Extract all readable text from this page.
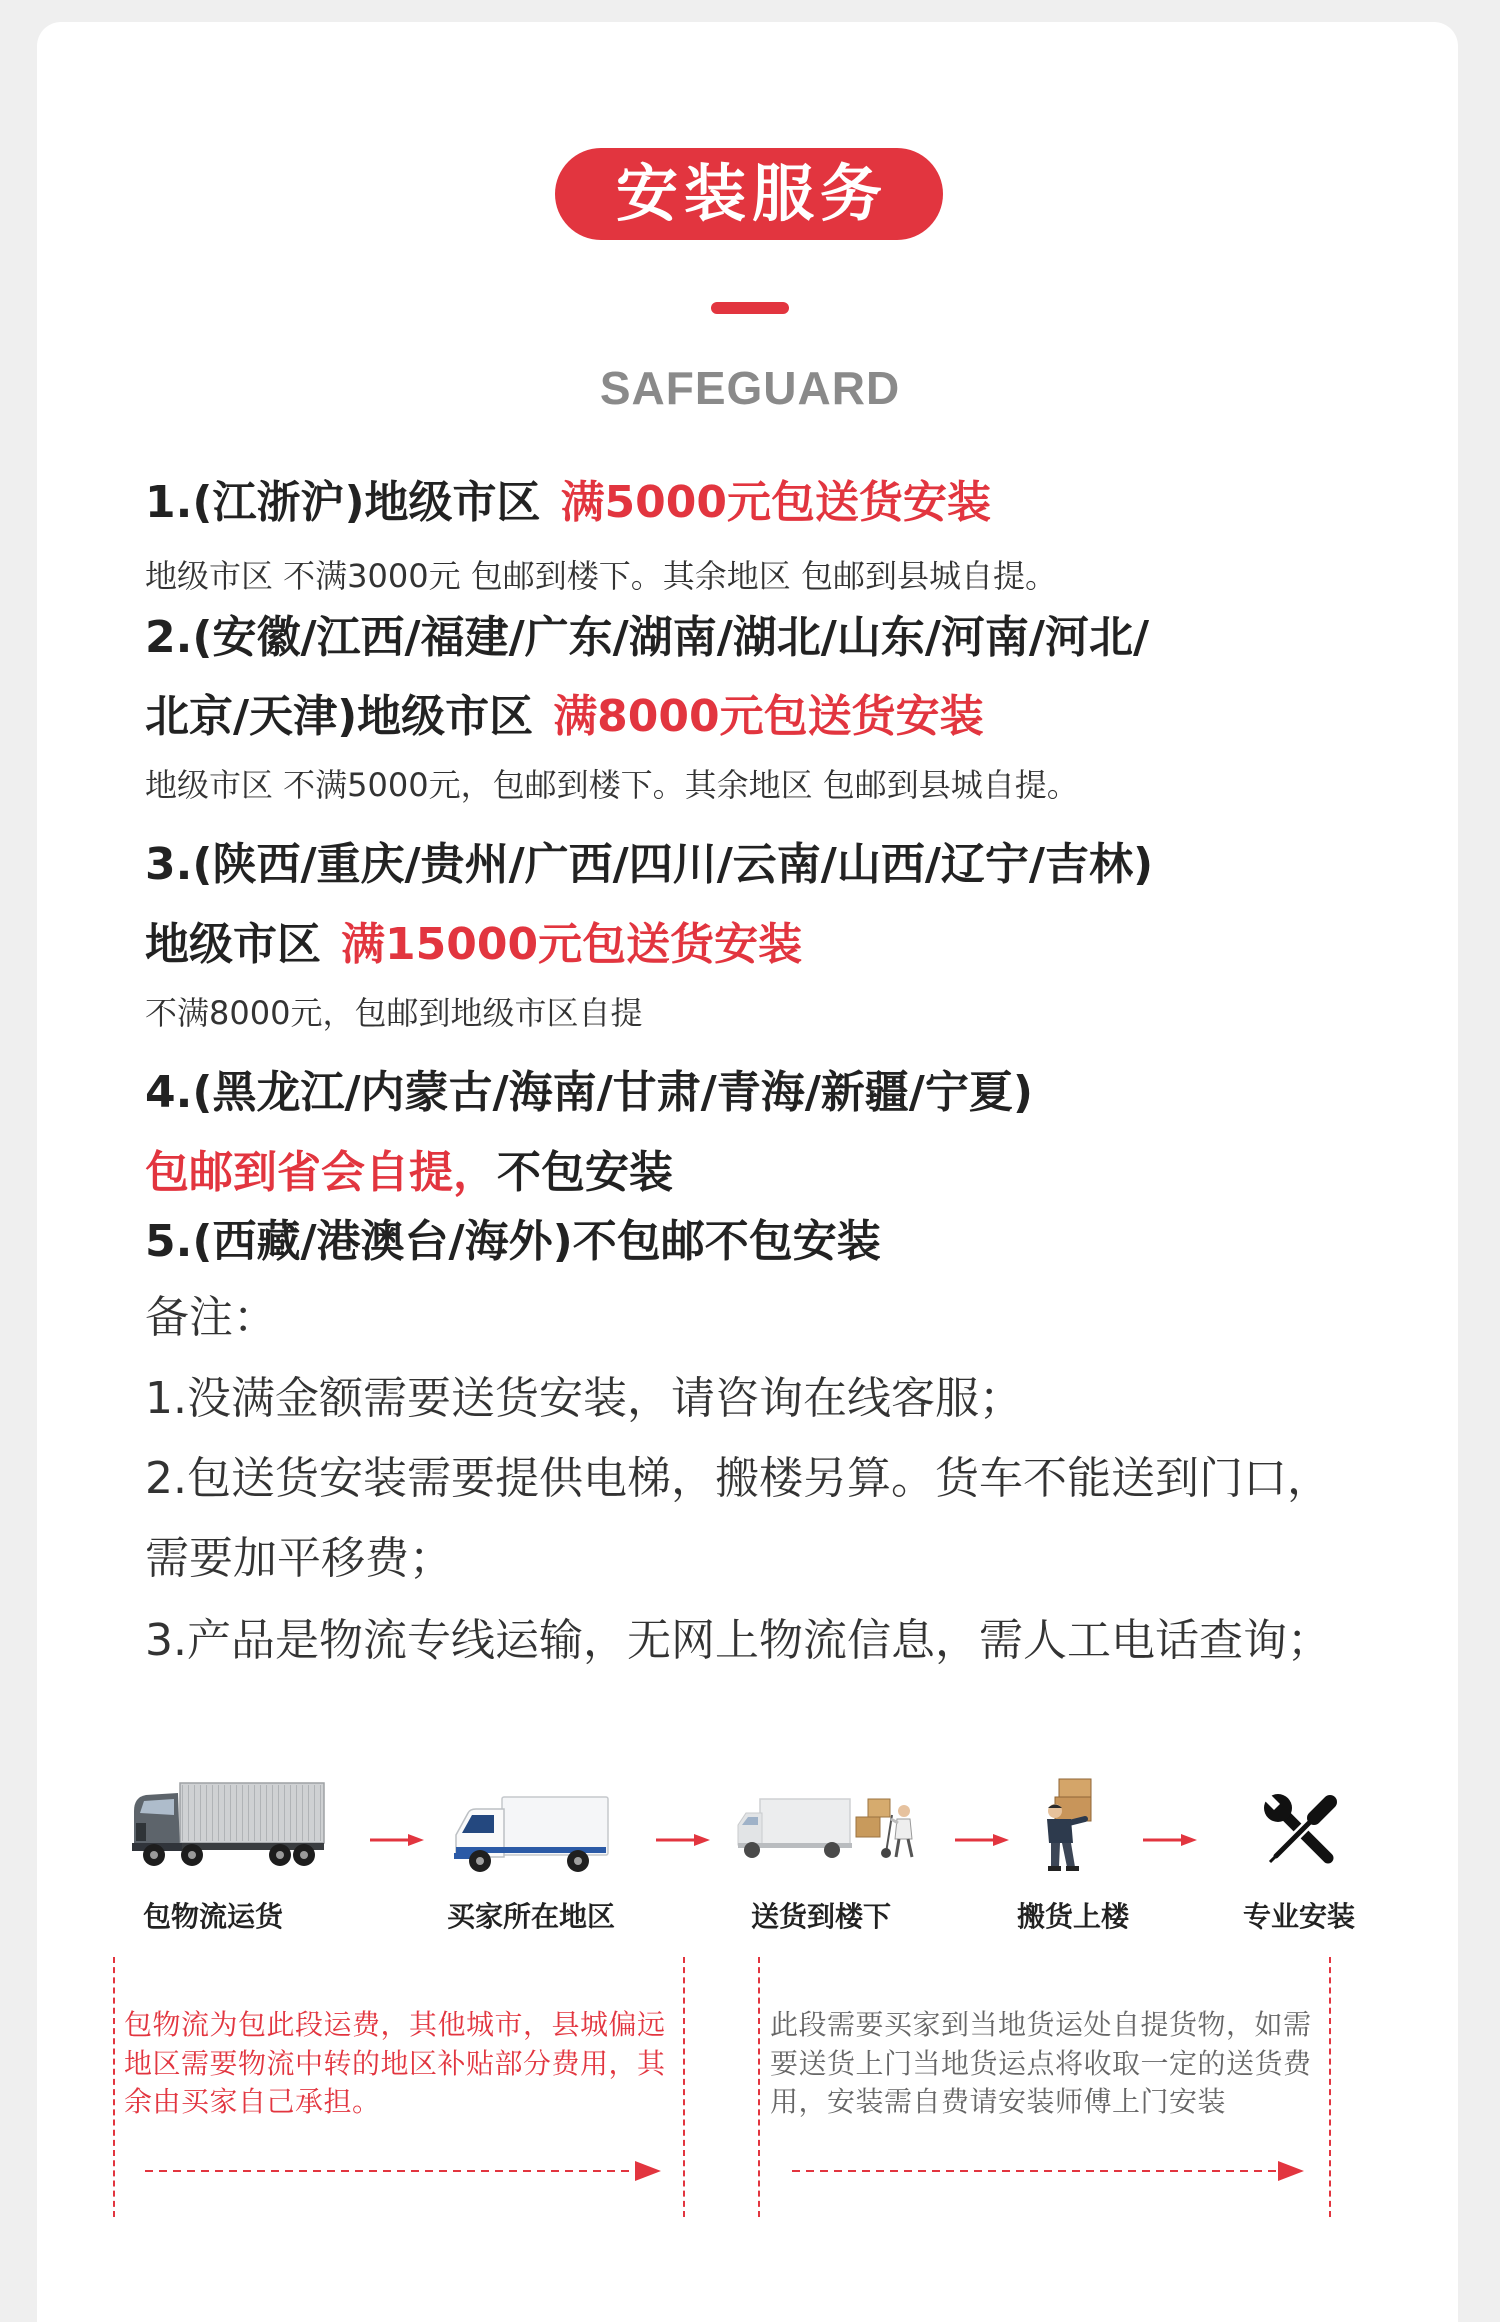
安装服务
SAFEGUARD
1.(江浙沪)地级市区 满5000元包送货安装
地级市区 不满3000元 包邮到楼下。其余地区 包邮到县城自提。
2.(安徽/江西/福建/广东/湖南/湖北/山东/河南/河北/
北京/天津)地级市区 满8000元包送货安装
地级市区 不满5000元，包邮到楼下。其余地区 包邮到县城自提。
3.(陕西/重庆/贵州/广西/四川/云南/山西/辽宁/吉林)
地级市区 满15000元包送货安装
不满8000元，包邮到地级市区自提
4.(黑龙江/内蒙古/海南/甘肃/青海/新疆/宁夏)
包邮到省会自提，不包安装
5.(西藏/港澳台/海外)不包邮不包安装
备注：
1.没满金额需要送货安装，请咨询在线客服；
2.包送货安装需要提供电梯，搬楼另算。货车不能送到门口，
需要加平移费；
3.产品是物流专线运输，无网上物流信息，需人工电话查询；
包物流运货	买家所在地区	送货到楼下	搬货上楼	专业安装
包物流为包此段运费，其他城市，县城偏远
地区需要物流中转的地区补贴部分费用，其
余由买家自己承担。
此段需要买家到当地货运处自提货物，如需
要送货上门当地货运点将收取一定的送货费
用，安装需自费请安装师傅上门安装
